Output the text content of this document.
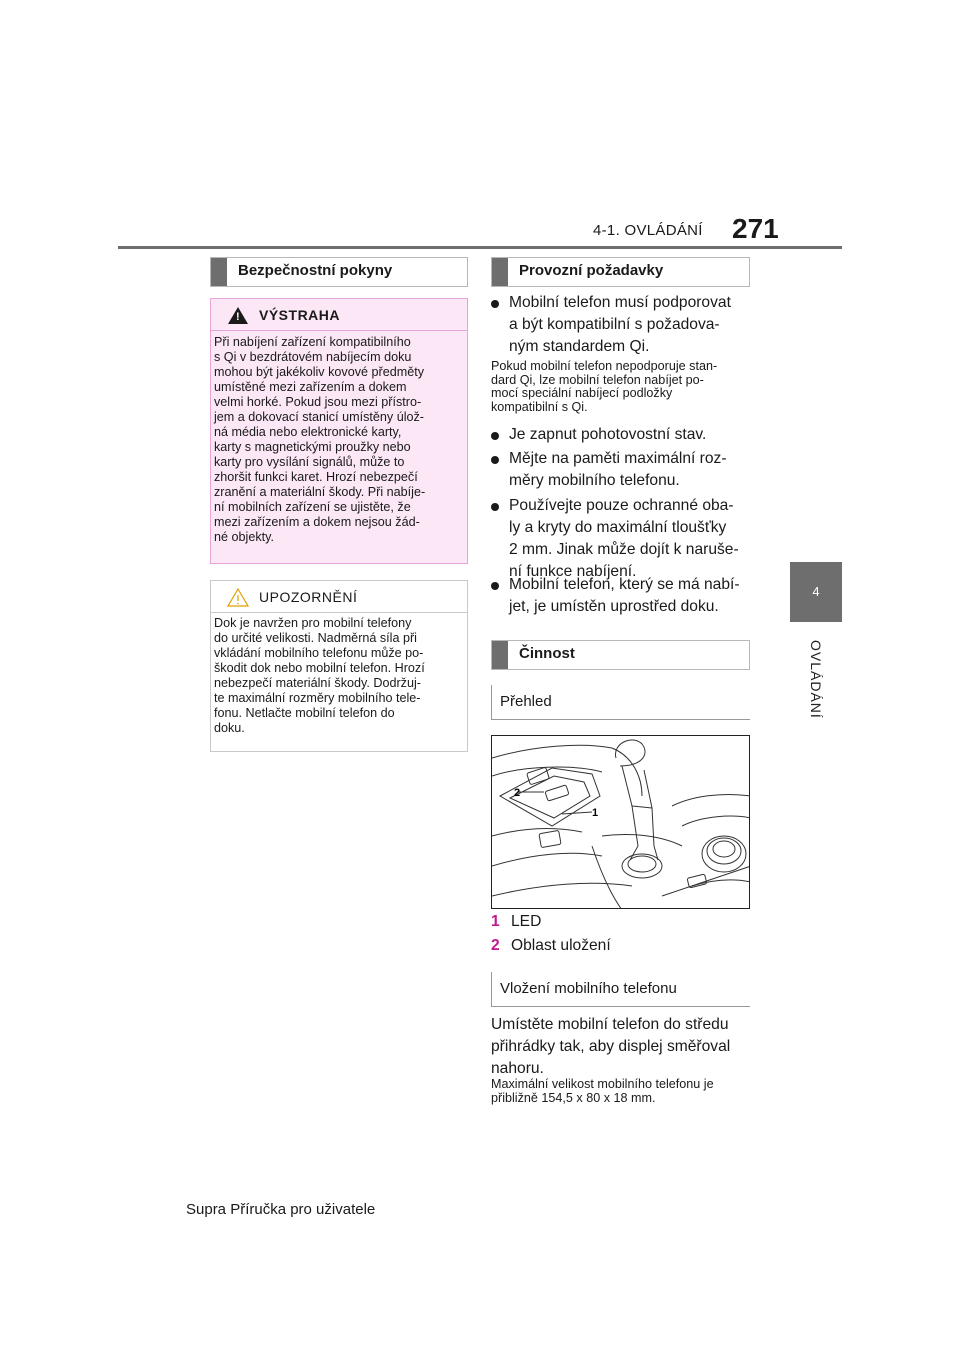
4-1. OVLÁDÁNÍ 271
4
OVLÁDÁNÍ
Bezpečnostní pokyny
! VÝSTRAHA
Při nabíjení zařízení kompatibilního
s Qi v bezdrátovém nabíjecím doku
mohou být jakékoliv kovové předměty
umístěné mezi zařízením a dokem
velmi horké. Pokud jsou mezi přístro-
jem a dokovací stanicí umístěny úlož-
ná média nebo elektronické karty,
karty s magnetickými proužky nebo
karty pro vysílání signálů, může to
zhoršit funkci karet. Hrozí nebezpečí
zranění a materiální škody. Při nabíje-
ní mobilních zařízení se ujistěte, že
mezi zařízením a dokem nejsou žád-
né objekty.
UPOZORNĚNÍ
Dok je navržen pro mobilní telefony
do určité velikosti. Nadměrná síla při
vkládání mobilního telefonu může po-
škodit dok nebo mobilní telefon. Hrozí
nebezpečí materiální škody. Dodržuj-
te maximální rozměry mobilního tele-
fonu. Netlačte mobilní telefon do
doku.
Provozní požadavky
Mobilní telefon musí podporovat
a být kompatibilní s požadova-
ným standardem Qi.
Pokud mobilní telefon nepodporuje stan-
dard Qi, lze mobilní telefon nabíjet po-
mocí speciální nabíjecí podložky
kompatibilní s Qi.
Je zapnut pohotovostní stav.
Mějte na paměti maximální roz-
měry mobilního telefonu.
Používejte pouze ochranné oba-
ly a kryty do maximální tloušťky
2 mm. Jinak může dojít k naruše-
ní funkce nabíjení.
Mobilní telefon, který se má nabí-
jet, je umístěn uprostřed doku.
Činnost
Přehled
2
1
1 LED
2 Oblast uložení
Vložení mobilního telefonu
Umístěte mobilní telefon do středu
přihrádky tak, aby displej směřoval
nahoru.
Maximální velikost mobilního telefonu je
přibližně 154,5 x 80 x 18 mm.
Supra Příručka pro uživatele
